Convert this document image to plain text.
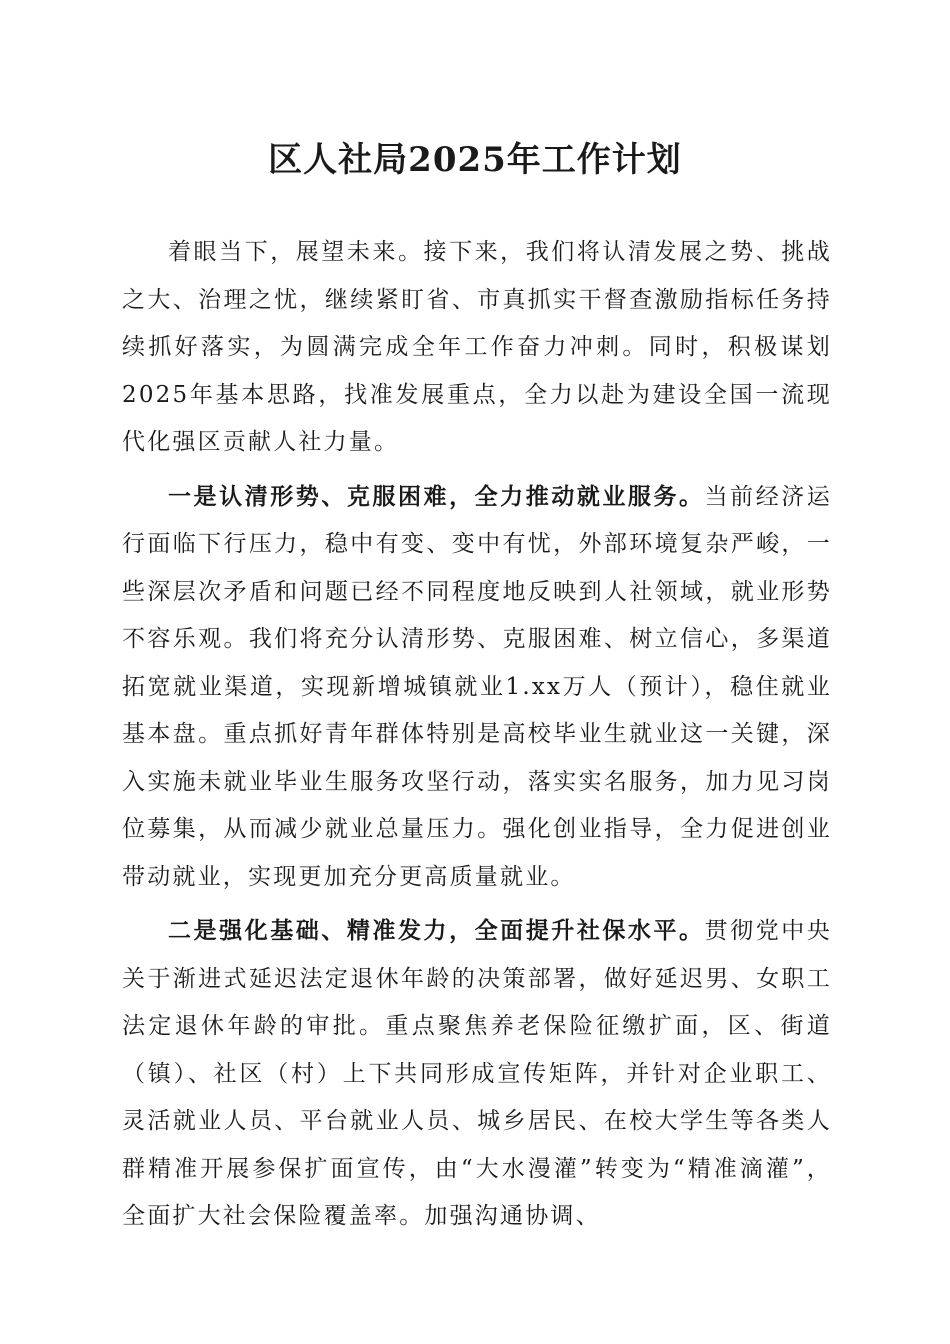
区人社局2025年工作计划

着眼当下，展望未来。接下来，我们将认清发展之势、挑战之大、治理之忧，继续紧盯省、市真抓实干督查激励指标任务持续抓好落实，为圆满完成全年工作奋力冲刺。同时，积极谋划2025年基本思路，找准发展重点，全力以赴为建设全国一流现代化强区贡献人社力量。

一是认清形势、克服困难，全力推动就业服务。当前经济运行面临下行压力，稳中有变、变中有忧，外部环境复杂严峻，一些深层次矛盾和问题已经不同程度地反映到人社领域，就业形势不容乐观。我们将充分认清形势、克服困难、树立信心，多渠道拓宽就业渠道，实现新增城镇就业1.xx万人（预计），稳住就业基本盘。重点抓好青年群体特别是高校毕业生就业这一关键，深入实施未就业毕业生服务攻坚行动，落实实名服务，加力见习岗位募集，从而减少就业总量压力。强化创业指导，全力促进创业带动就业，实现更加充分更高质量就业。

二是强化基础、精准发力，全面提升社保水平。贯彻党中央关于渐进式延迟法定退休年龄的决策部署，做好延迟男、女职工法定退休年龄的审批。重点聚焦养老保险征缴扩面，区、街道（镇）、社区（村）上下共同形成宣传矩阵，并针对企业职工、灵活就业人员、平台就业人员、城乡居民、在校大学生等各类人群精准开展参保扩面宣传，由“大水漫灌”转变为“精准滴灌”，全面扩大社会保险覆盖率。加强沟通协调、
